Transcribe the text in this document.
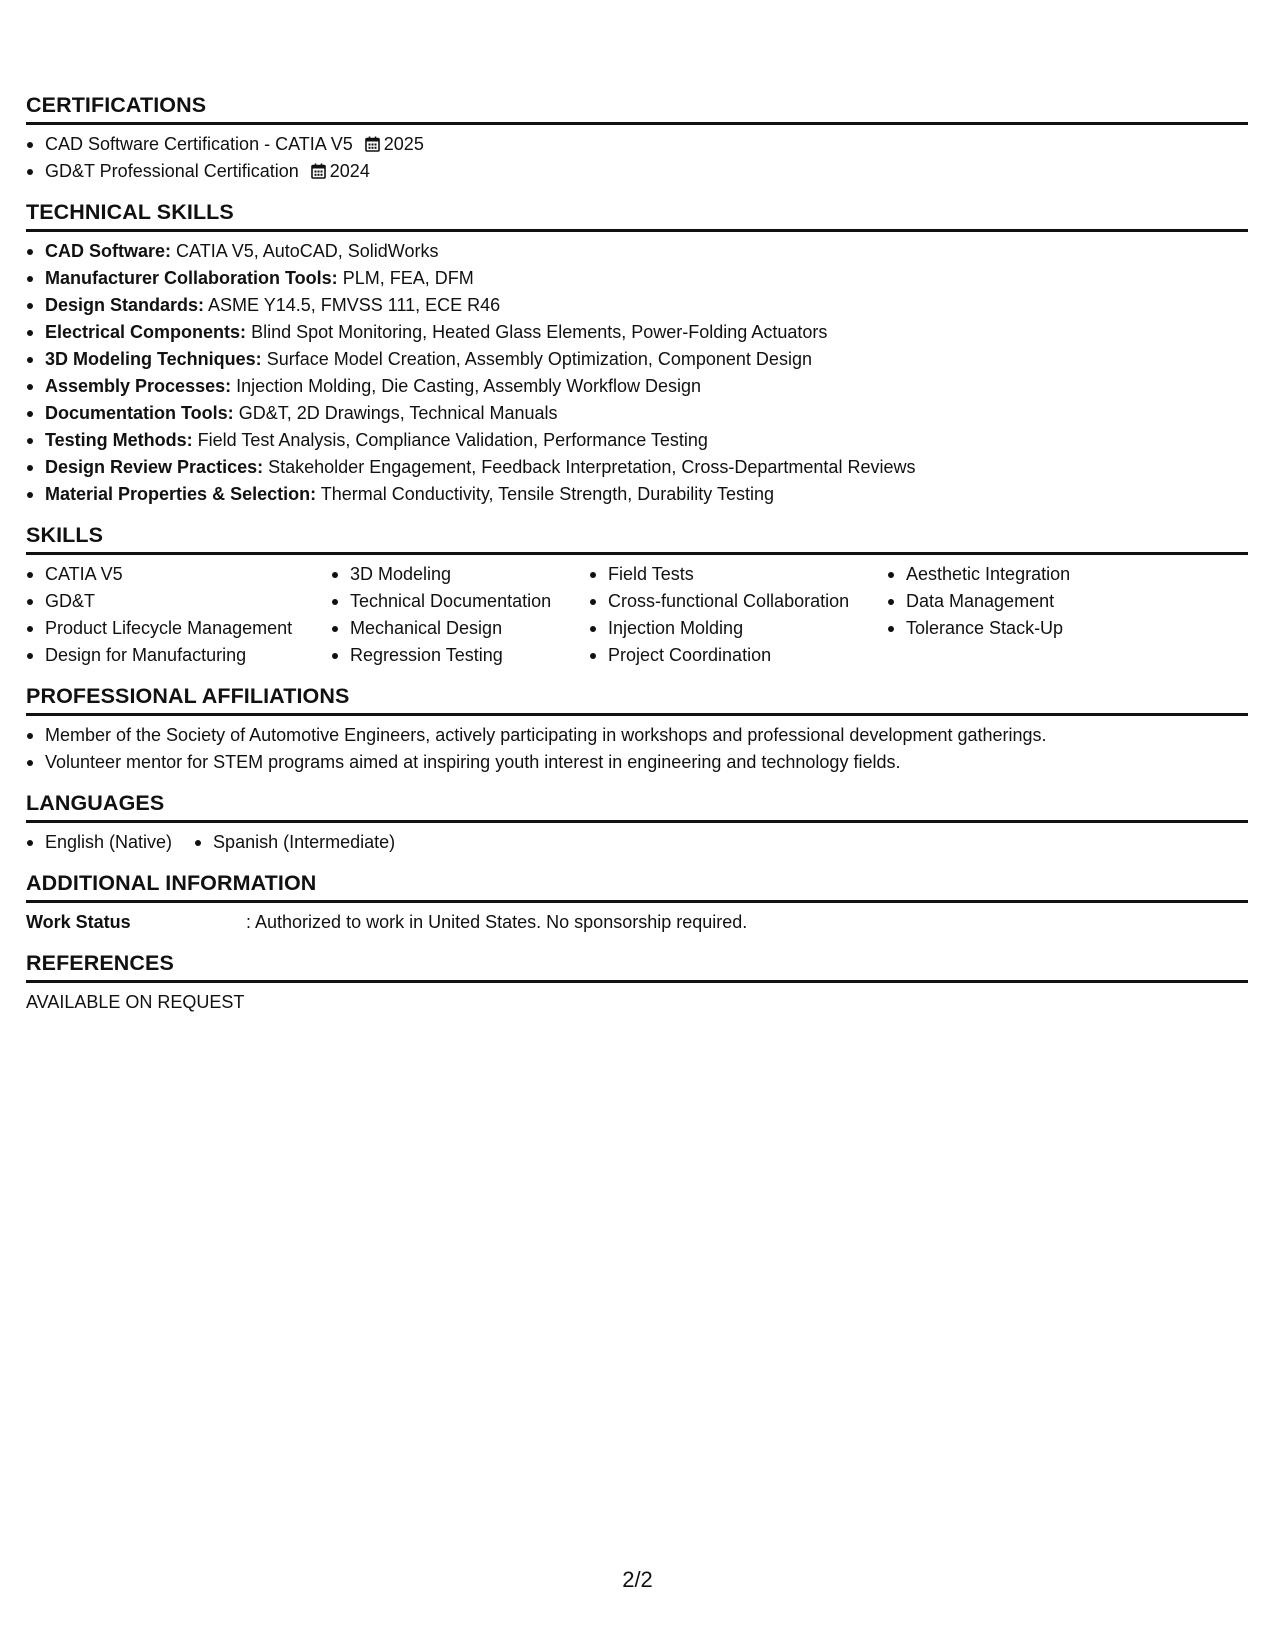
CERTIFICATIONS
CAD Software Certification - CATIA V5 2025
GD&T Professional Certification 2024
TECHNICAL SKILLS
CAD Software: CATIA V5, AutoCAD, SolidWorks
Manufacturer Collaboration Tools: PLM, FEA, DFM
Design Standards: ASME Y14.5, FMVSS 111, ECE R46
Electrical Components: Blind Spot Monitoring, Heated Glass Elements, Power-Folding Actuators
3D Modeling Techniques: Surface Model Creation, Assembly Optimization, Component Design
Assembly Processes: Injection Molding, Die Casting, Assembly Workflow Design
Documentation Tools: GD&T, 2D Drawings, Technical Manuals
Testing Methods: Field Test Analysis, Compliance Validation, Performance Testing
Design Review Practices: Stakeholder Engagement, Feedback Interpretation, Cross-Departmental Reviews
Material Properties & Selection: Thermal Conductivity, Tensile Strength, Durability Testing
SKILLS
CATIA V5
GD&T
Product Lifecycle Management
Design for Manufacturing
3D Modeling
Technical Documentation
Mechanical Design
Regression Testing
Field Tests
Cross-functional Collaboration
Injection Molding
Project Coordination
Aesthetic Integration
Data Management
Tolerance Stack-Up
PROFESSIONAL AFFILIATIONS
Member of the Society of Automotive Engineers, actively participating in workshops and professional development gatherings.
Volunteer mentor for STEM programs aimed at inspiring youth interest in engineering and technology fields.
LANGUAGES
English (Native)	Spanish (Intermediate)
ADDITIONAL INFORMATION
Work Status	: Authorized to work in United States. No sponsorship required.
REFERENCES
AVAILABLE ON REQUEST
2/2
